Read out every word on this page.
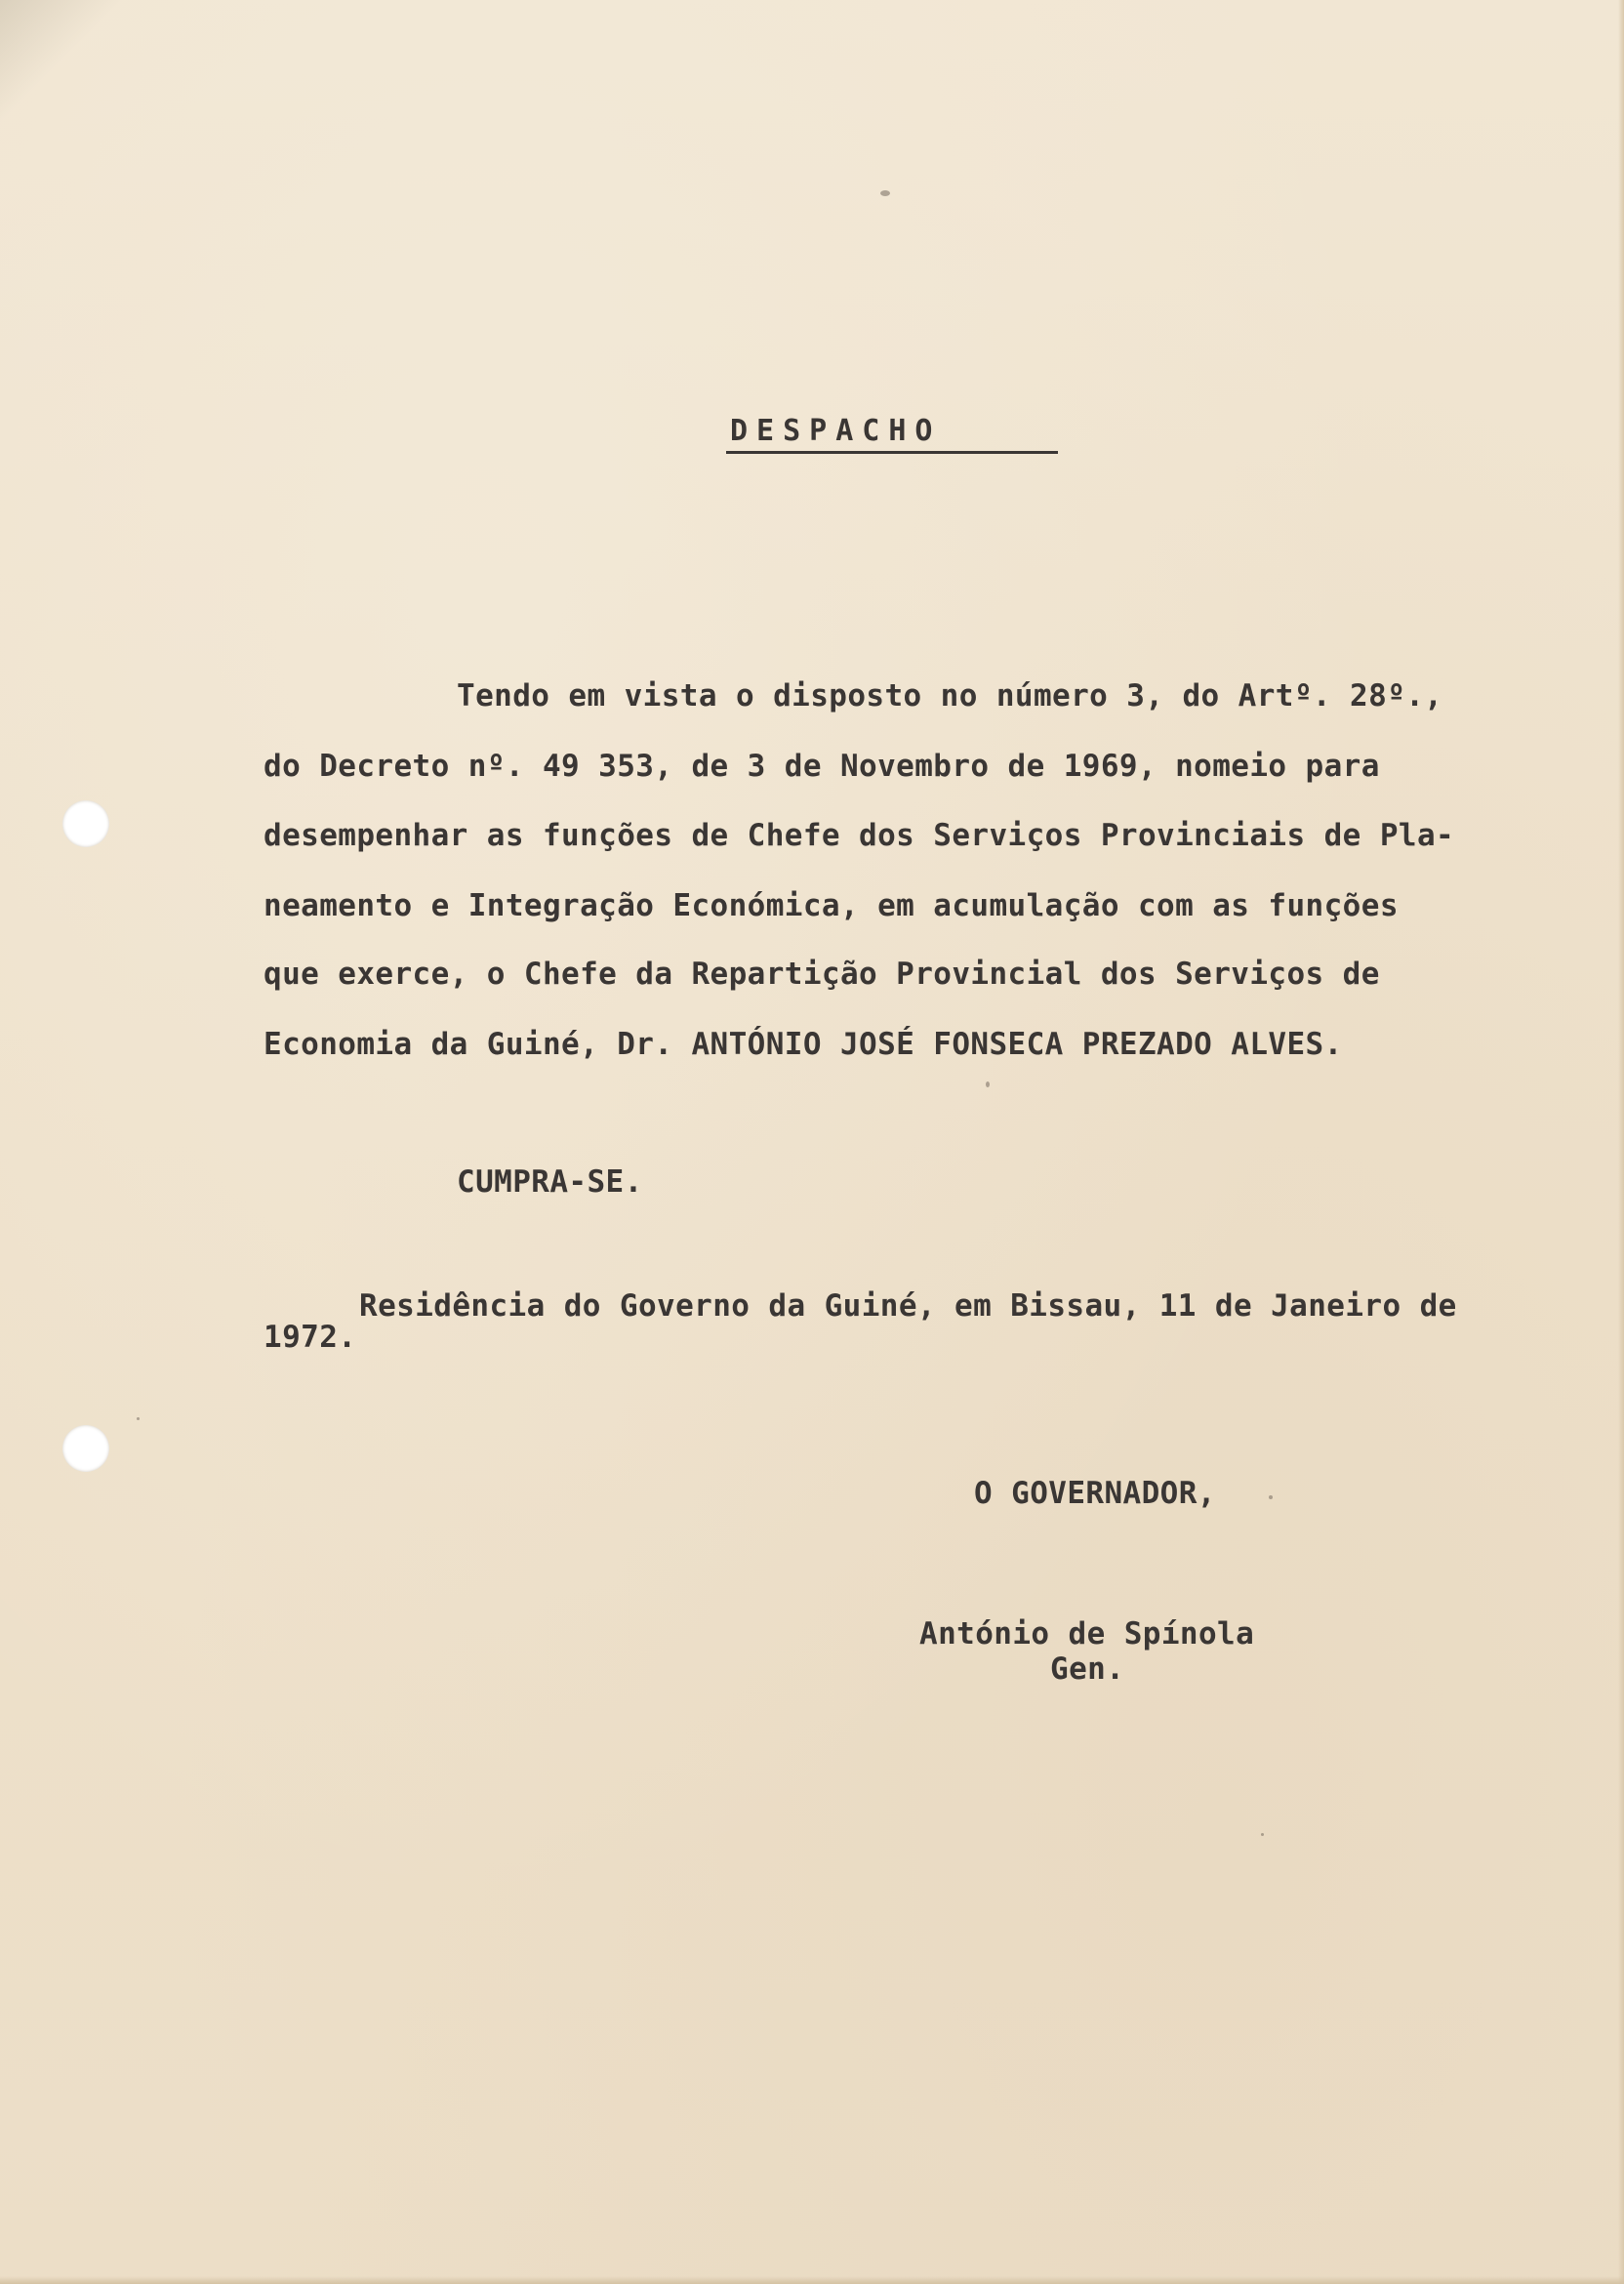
DESPACHO

Tendo em vista o disposto no número 3, do Artº. 28º.,

do Decreto nº. 49 353, de 3 de Novembro de 1969, nomeio para

desempenhar as funções de Chefe dos Serviços Provinciais de Pla-

neamento e Integração Económica, em acumulação com as funções

que exerce, o Chefe da Repartição Provincial dos Serviços de

Economia da Guiné, Dr. ANTÓNIO JOSÉ FONSECA PREZADO ALVES.

CUMPRA-SE.

Residência do Governo da Guiné, em Bissau, 11 de Janeiro de

1972.

O GOVERNADOR,

António de Spínola

Gen.
